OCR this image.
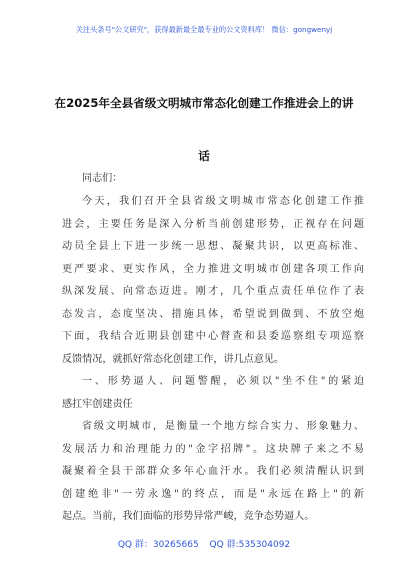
关注头条号"公文研究"，获得最新最全最专业的公文资料库！ 微信：gongwenyj
在2025年全县省级文明城市常态化创建工作推进会上的讲
话
同志们：
今天，我们召开全县省级文明城市常态化创建工作推
进会，主要任务是深入分析当前创建形势，正视存在问题
动员全县上下进一步统一思想、凝聚共识，以更高标准、
更严要求、更实作风，全力推进文明城市创建各项工作向
纵深发展、向常态迈进。刚才，几个重点责任单位作了表
态发言，态度坚决、措施具体，希望说到做到、不放空炮
下面，我结合近期县创建中心督查和县委巡察组专项巡察
反馈情况，就抓好常态化创建工作，讲几点意见。
一、形势逼人、问题警醒，必须以"坐不住"的紧迫
感扛牢创建责任
省级文明城市，是衡量一个地方综合实力、形象魅力、
发展活力和治理能力的"金字招牌"。这块牌子来之不易
凝聚着全县干部群众多年心血汗水。我们必须清醒认识到
创建绝非"一劳永逸"的终点，而是"永远在路上"的新
起点。当前，我们面临的形势异常严峻，竞争态势逼人。
QQ 群：30265665 QQ 群:535304092
